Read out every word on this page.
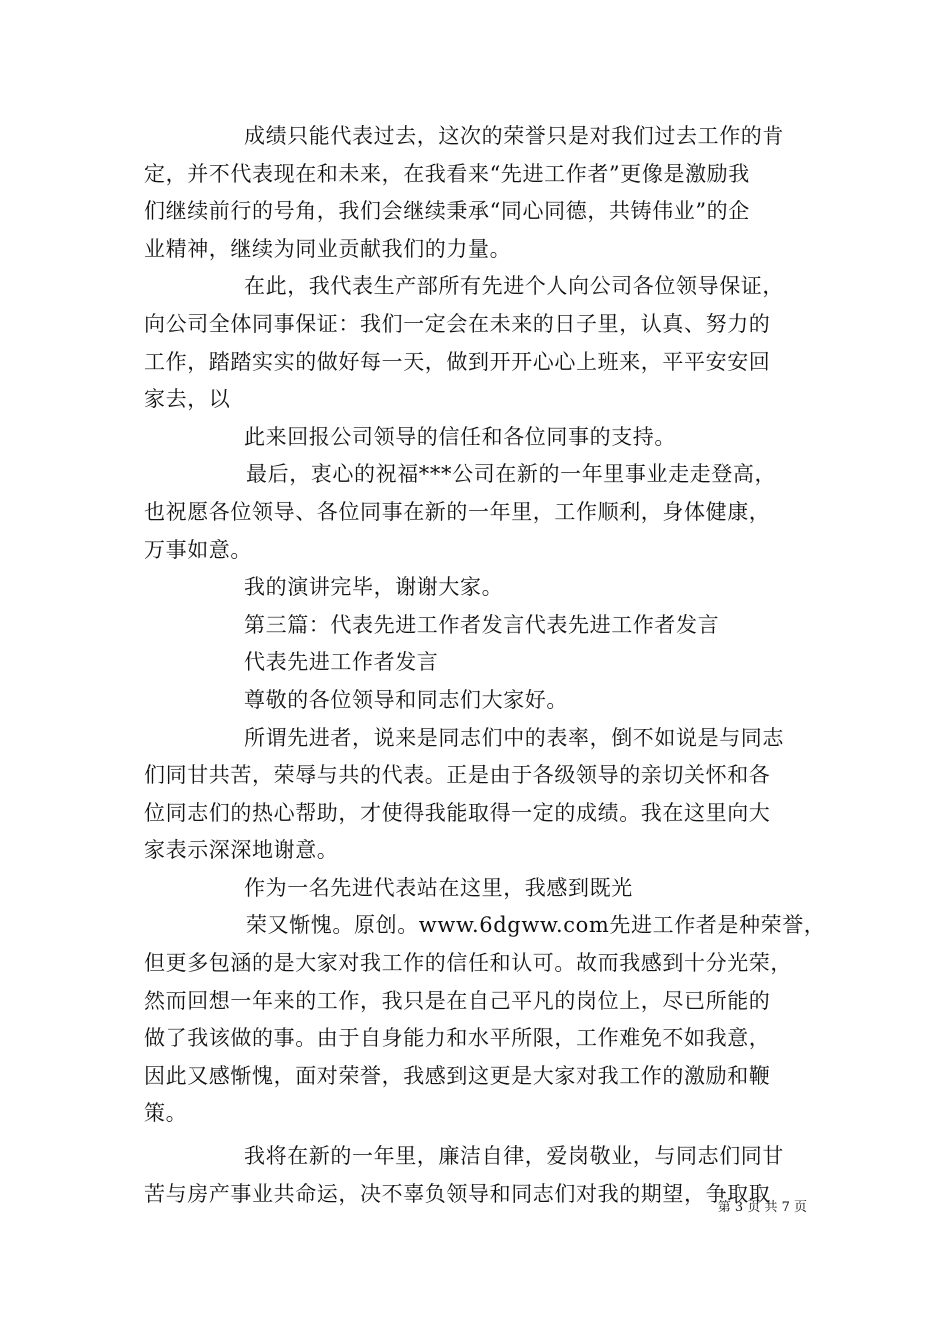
成绩只能代表过去，这次的荣誉只是对我们过去工作的肯
定，并不代表现在和未来，在我看来“先进工作者”更像是激励我
们继续前行的号角，我们会继续秉承“同心同德，共铸伟业”的企
业精神，继续为同业贡献我们的力量。
在此，我代表生产部所有先进个人向公司各位领导保证，
向公司全体同事保证：我们一定会在未来的日子里，认真、努力的
工作，踏踏实实的做好每一天，做到开开心心上班来，平平安安回
家去，以
此来回报公司领导的信任和各位同事的支持。
最后，衷心的祝福***公司在新的一年里事业走走登高，
也祝愿各位领导、各位同事在新的一年里，工作顺利，身体健康，
万事如意。
我的演讲完毕，谢谢大家。
第三篇：代表先进工作者发言代表先进工作者发言
代表先进工作者发言
尊敬的各位领导和同志们大家好。
所谓先进者，说来是同志们中的表率，倒不如说是与同志
们同甘共苦，荣辱与共的代表。正是由于各级领导的亲切关怀和各
位同志们的热心帮助，才使得我能取得一定的成绩。我在这里向大
家表示深深地谢意。
作为一名先进代表站在这里，我感到既光
荣又惭愧。原创。www.6dgww.com先进工作者是种荣誉，
但更多包涵的是大家对我工作的信任和认可。故而我感到十分光荣，
然而回想一年来的工作，我只是在自己平凡的岗位上，尽已所能的
做了我该做的事。由于自身能力和水平所限，工作难免不如我意，
因此又感惭愧，面对荣誉，我感到这更是大家对我工作的激励和鞭
策。
我将在新的一年里，廉洁自律，爱岗敬业，与同志们同甘
苦与房产事业共命运，决不辜负领导和同志们对我的期望，争取取
第 3 页 共 7 页
